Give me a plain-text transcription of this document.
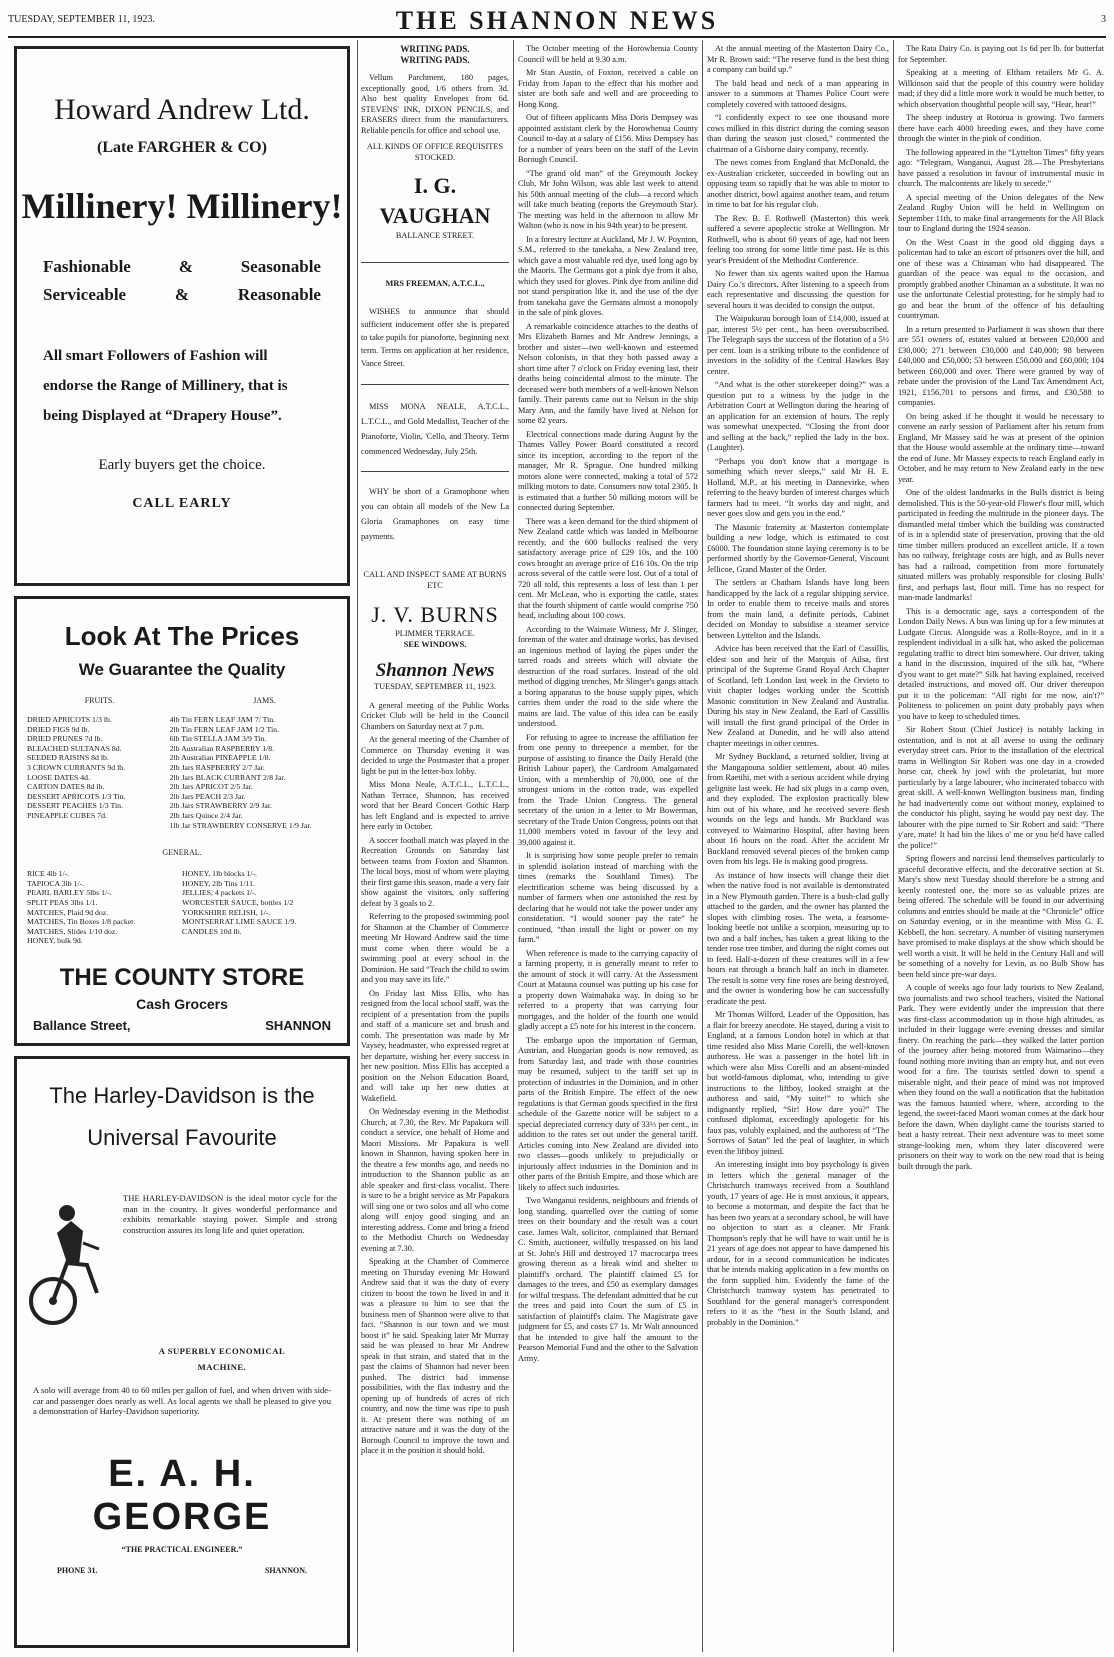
TUESDAY, SEPTEMBER 11, 1923.	THE SHANNON NEWS	3
Howard Andrew Ltd.
(Late FARGHER & CO)
Millinery! Millinery!
Fashionable	&	Seasonable
Serviceable	&	Reasonable
All smart Followers of Fashion will endorse the Range of Millinery, that is being Displayed at “Drapery House”.
Early buyers get the choice.
CALL EARLY
Look At The Prices
We Guarantee the Quality
FRUITS.	JAMS.
DRIED APRICOTS 1/3 lb.
DRIED FIGS 9d lb.
DRIED PRUNES 7d lb.
BLEACHED SULTANAS 8d.
SEEDED RAISINS 8d lb.
3 CROWN CURRANTS 9d lb.
LOOSE DATES 4d.
CARTON DATES 8d lb.
DESSERT APRICOTS 1/3 Tin.
DESSERT PEACHES 1/3 Tin.
PINEAPPLE CUBES 7d.
4lb Tin FERN LEAF JAM 7/ Tin.
2lb Tin FERN LEAF JAM 1/2 Tin.
6lb Tin STELLA JAM 3/9 Tin.
2lb Australian RASPBERRY 1/8.
2lb Australian PINEAPPLE 1/8.
2lb Jars RASPBERRY 2/7 Jar.
2lb Jars BLACK CURRANT 2/8 Jar.
2lb Jars APRICOT 2/5 Jar.
2lb Jars PEACH 2/3 Jar.
2lb Jars STRAWBERRY 2/9 Jar.
2lb Jars Quince 2/4 Jar.
1lb Jar STRAWBERRY CONSERVE 1/9 Jar.
GENERAL.
RICE 4lb 1/-.
TAPIOCA 3lb 1/-.
PEARL BARLEY 5lbs 1/-.
SPLIT PEAS 3lbs 1/1.
MATCHES, Plaid 9d doz.
MATCHES, Tin Boxes 1/8 packet.
MATCHES, Slides 1/10 doz.
HONEY, bulk 9d.
HONEY, 1lb blocks 1/-.
HONEY, 2lb Tins 1/11.
JELLIES, 4 packets 1/-.
WORCESTER SAUCE, bottles 1/2
YORKSHIRE RELISH, 1/-.
MONTSERRAT LIME SAUCE 1/9.
CANDLES 10d lb.
THE COUNTY STORE
Cash Grocers
Ballance Street,	SHANNON
The Harley-Davidson is the
Universal Favourite
THE HARLEY-DAVIDSON is the ideal motor cycle for the man in the country. It gives wonderful performance and exhibits remarkable staying power. Simple and strong construction assures its long life and quiet operation.
A SUPERBLY ECONOMICAL MACHINE.
A solo will average from 40 to 60 miles per gallon of fuel, and when driven with side-car and passenger does nearly as well. As local agents we shall be pleased to give you a demonstration of Harley-Davidson superiority.
E. A. H. GEORGE
“THE PRACTICAL ENGINEER.”
PHONE 31.	SHANNON.
WRITING PADS.
WRITING PADS.

Vellum Parchment, 180 pages, exceptionally good, 1/6 others from 3d. Also best quality Envelopes from 6d. STEVENS' INK, DIXON PENCILS, and ERASERS direct from the manufacturers. Reliable pencils for office and school use.

ALL KINDS OF OFFICE REQUISITES STOCKED.
I. G. VAUGHAN
BALLANCE STREET.
MRS FREEMAN, A.T.C.L.,

WISHES to announce that should sufficient inducement offer she is prepared to take pupils for pianoforte, beginning next term. Terms on application at her residence, Vance Street.

MISS MONA NEALE, A.T.C.L., L.T.C.L., and Gold Medallist, Teacher of the Pianoforte, Violin, 'Cello, and Theory. Term commenced Wednesday, July 25th.

WHY be short of a Gramophone when you can obtain all models of the New La Gloria Gramaphones on easy time payments.

CALL AND INSPECT SAME AT BURNS ETC
J. V. BURNS
PLIMMER TERRACE.
SEE WINDOWS.
Shannon News
TUESDAY, SEPTEMBER 11, 1923.

A general meeting of the Public Works Cricket Club will be held in the Council Chambers on Saturday next at 7 p.m.

At the general meeting of the Chamber of Commerce on Thursday evening it was decided to urge the Postmaster that a proper light be put in the letter-box lobby.

Miss Mona Neale, A.T.C.L., L.T.C.L., Nathan Terrace, Shannon, has received word that her Beard Concert Gothic Harp has left England and is expected to arrive here early in October.

A soccer football match was played in the Recreation Grounds on Saturday last between teams from Foxton and Shannon. The local boys, most of whom were playing their first game this season, made a very fair show against the visitors, only suffering defeat by 3 goals to 2.

Referring to the proposed swimming pool for Shannon at the Chamber of Commerce meeting Mr Howard Andrew said the time must come when there would be a swimming pool at every school in the Dominion. He said “Teach the child to swim and you may save its life.”

On Friday last Miss Ellis, who has resigned from the local school staff, was the recipient of a presentation from the pupils and staff of a manicure set and brush and comb. The presentation was made by Mr Vaysey, headmaster, who expressed regret at her departure, wishing her every success in her new position. Miss Ellis has accepted a position on the Nelson Education Board, and will take up her new duties at Wakefield.

On Wednesday evening in the Methodist Church, at 7.30, the Rev. Mr Papakura will conduct a service, one behalf of Home and Maori Missions. Mr Papakura is well known in Shannon, having spoken here in the theatre a few months ago, and needs no introduction to the Shannon public as an able speaker and first-class vocalist. There is sure to be a bright service as Mr Papakura will sing one or two solos and all who come along will enjoy good singing and an interesting address. Come and bring a friend to the Methodist Church on Wednesday evening at 7.30.

Speaking at the Chamber of Commerce meeting on Thursday evening Mr Howard Andrew said that it was the duty of every citizen to boost the town he lived in and it was a pleasure to him to see that the business men of Shannon were alive to that fact. “Shannon is our town and we must boost it” he said. Speaking later Mr Murray said he was pleased to hear Mr Andrew speak in that strain, and stated that in the past the claims of Shannon had never been pushed. The district had immense possibilities, with the flax industry and the opening up of hundreds of acres of rich country, and now the time was ripe to push it. At present there was nothing of an attractive nature and it was the duty of the Borough Council to improve the town and place it in the position it should hold.

The October meeting of the Horowhenua County Council will be held at 9.30 a.m.

Mr Stan Austin, of Foxton, received a cable on Friday from Japan to the effect that his mother and sister are both safe and well and are proceeding to Hong Kong.

Out of fifteen applicants Miss Doris Dempsey was appointed assistant clerk by the Horowhenua County Council to-day at a salary of £156. Miss Dempsey has for a number of years been on the staff of the Levin Borough Council.

“The grand old man” of the Greymouth Jockey Club, Mr John Wilson, was able last week to attend his 50th annual meeting of the club—a record which will take much beating (reports the Greymouth Star). The meeting was held in the afternoon to allow Mr Walton (who is now in his 94th year) to be present.

In a forestry lecture at Auckland, Mr J. W. Poynton, S.M., referred to the tanekaha, a New Zealand tree, which gave a most valuable red dye, used long ago by the Maoris. The Germans got a pink dye from it also, which they used for gloves. Pink dye from aniline did not stand perspiration like it, and the use of the dye from tanekaha gave the Germans almost a monopoly in the sale of pink gloves.

A remarkable coincidence attaches to the deaths of Mrs Elizabeth Barnes and Mr Andrew Jennings, a brother and sister—two well-known and esteemed Nelson colonists, in that they both passed away a short time after 7 o'clock on Friday evening last, their deaths being coincidental almost to the minute. The deceased were both members of a well-known Nelson family. Their parents came out to Nelson in the ship Mary Ann, and the family have lived at Nelson for some 82 years.

Electrical connections made during August by the Thames Valley Power Board constituted a record since its inception, according to the report of the manager, Mr R. Sprague. One hundred milking motors alone were connected, making a total of 572 milking motors to date. Consumers now total 2305. It is estimated that a further 50 milking motors will be connected during September.

There was a keen demand for the third shipment of New Zealand cattle which was landed in Melbourne recently, and the 600 bullocks realised the very satisfactory average price of £29 10s, and the 100 cows brought an average price of £16 10s. On the trip across several of the cattle were lost. Out of a total of 720 all told, this represents a loss of less than 1 per cent. Mr McLean, who is exporting the cattle, states that the fourth shipment of cattle would comprise 750 head, including about 100 cows.

According to the Waimate Witness, Mr J. Slinger, foreman of the water and drainage works, has devised an ingenious method of laying the pipes under the tarred roads and streets which will obviate the destruction of the road surfaces. Instead of the old method of digging trenches, Mr Slinger's gangs attach a boring apparatus to the house supply pipes, which carries them under the road to the side where the mains are laid. The value of this idea can be easily understood.

For refusing to agree to increase the affiliation fee from one penny to threepence a member, for the purpose of assisting to finance the Daily Herald (the British Labour paper), the Cardroom Amalgamated Union, with a membership of 70,000, one of the strongest unions in the cotton trade, was expelled from the Trade Union Congress. The general secretary of the union in a letter to Mr Bowerman, secretary of the Trade Union Congress, points out that 11,000 members voted in favour of the levy and 39,000 against it.

It is surprising how some people prefer to remain in splendid isolation instead of marching with the times (remarks the Southland Times). The electrification scheme was being discussed by a number of farmers when one astonished the rest by declaring that he would not take the power under any consideration. “I would sooner pay the rate” he continued, “than install the light or power on my farm.”

When reference is made to the carrying capacity of a farming property, it is generally meant to refer to the amount of stock it will carry. At the Assessment Court at Matauna counsel was putting up his case for a property down Waimahaka way. In doing so he referred to a property that was carrying four mortgages, and the holder of the fourth one would gladly accept a £5 note for his interest in the concern.

The embargo upon the importation of German, Austrian, and Hungarian goods is now removed, as from Saturday last, and trade with those countries may be resumed, subject to the tariff set up in protection of industries in the Dominion, and in other parts of the British Empire. The effect of the new regulations is that German goods specified in the first schedule of the Gazette notice will be subject to a special depreciated currency duty of 33⅓ per cent., in addition to the rates set out under the general tariff. Articles coming into New Zealand are divided into two classes—goods unlikely to prejudicially or injuriously affect industries in the Dominion and in other parts of the British Empire, and those which are likely to affect such industries.

Two Wanganui residents, neighbours and friends of long standing, quarrelled over the cutting of some trees on their boundary and the result was a court case. James Walt, solicitor, complained that Bernard C. Smith, auctioneer, wilfully trespassed on his land at St. John's Hill and destroyed 17 macrocarpa trees growing thereon as a break wind and shelter to plaintiff's orchard. The plaintiff claimed £5 for damages to the trees, and £50 as exemplary damages for wilful trespass. The defendant admitted that he cut the trees and paid into Court the sum of £5 in satisfaction of plaintiff's claim. The Magistrate gave judgment for £5, and costs £7 1s. Mr Walt announced that he intended to give half the amount to the Pearson Memorial Fund and the other to the Salvation Army.

At the annual meeting of the Masterton Dairy Co., Mr R. Brown said: “The reserve fund is the best thing a company can build up.”

The bald head and neck of a man appearing in answer to a summons at Thames Police Court were completely covered with tattooed designs.

“I confidently expect to see one thousand more cows milked in this district during the coming season than during the season just closed,” commented the chairman of a Gisborne dairy company, recently.

The news comes from England that McDonald, the ex-Australian cricketer, succeeded in bowling out an opposing team so rapidly that he was able to motor to another district, bowl against another team, and return in time to bat for his regular club.

The Rev. B. F. Rothwell (Masterton) this week suffered a severe apoplectic stroke at Wellington. Mr Rothwell, who is about 60 years of age, had not been feeling too strong for some little time past. He is this year's President of the Methodist Conference.

No fewer than six agents waited upon the Hamua Dairy Co.'s directors. After listening to a speech from each representative and discussing the question for several hours it was decided to consign the output.

The Waipukurau borough loan of £14,000, issued at par, interest 5½ per cent., has been oversubscribed. The Telegraph says the success of the flotation of a 5½ per cent. loan is a striking tribute to the confidence of investors in the solidity of the Central Hawkes Bay centre.

“And what is the other storekeeper doing?” was a question put to a witness by the judge in the Arbitration Court at Wellington during the hearing of an application for an extension of hours. The reply was somewhat unexpected. “Closing the front door and selling at the back,” replied the lady in the box. (Laughter).

“Perhaps you don't know that a mortgage is something which never sleeps,” said Mr H. E. Holland, M.P., at his meeting in Dannevirke, when referring to the heavy burden of interest charges which farmers had to meet. “It works day and night, and never goes slow and gets you in the end.”

The Masonic fraternity at Masterton contemplate building a new lodge, which is estimated to cost £6000. The foundation stone laying ceremony is to be performed shortly by the Governor-General, Viscount Jellicoe, Grand Master of the Order.

The settlers at Chatham Islands have long been handicapped by the lack of a regular shipping service. In order to enable them to receive mails and stores from the main land, a definite periods, Cabinet decided on Monday to subsidise a steamer service between Lyttelton and the Islands.

Advice has been received that the Earl of Cassillis, eldest son and heir of the Marquis of Ailsa, first principal of the Supreme Grand Royal Arch Chapter of Scotland, left London last week in the Orvieto to visit chapter lodges working under the Scottish Masonic constitution in New Zealand and Australia. During his stay in New Zealand, the Earl of Cassillis will install the first grand principal of the Order in New Zealand at Dunedin, and he will also attend chapter meetings in other centres.

Mr Sydney Buckland, a returned soldier, living at the Mangapouna soldier settlement, about 40 miles from Raetihi, met with a serious accident while drying gelignite last week. He had six plugs in a camp oven, and they exploded. The explosion practically blew him out of his whare, and he received severe flesh wounds on the legs and hands. Mr Buckland was conveyed to Waimarino Hospital, after having been about 16 hours on the road. After the accident Mr Buckland removed several pieces of the broken camp oven from his legs. He is making good progress.

As instance of how insects will change their diet when the native food is not available is demonstrated in a New Plymouth garden. There is a bush-clad gully attached to the garden, and the owner has planted the slopes with climbing roses. The weta, a fearsome-looking beetle not unlike a scorpion, measuring up to two and a half inches, has taken a great liking to the tender rose tree timber, and during the night comes out to feed. Half-a-dozen of these creatures will in a few hours eat through a branch half an inch in diameter. The result is some very fine roses are being destroyed, and the owner is wondering how he can successfully eradicate the pest.

Mr Thomas Wilford, Leader of the Opposition, has a flair for breezy anecdote. He stayed, during a visit to England, at a famous London hotel in which at that time resided also Miss Marie Corelli, the well-known authoress. He was a passenger in the hotel lift in which were also Miss Corelli and an absent-minded but world-famous diplomat, who, intending to give instructions to the liftboy, looked straight at the authoress and said, “My suite!” to which she indignantly replied, “Sir! How dare you?” The confused diplomat, exceedingly apologetic for his faux pas, volubly explained, and the authoress of “The Sorrows of Satan” led the peal of laughter, in which even the liftboy joined.

An interesting insight into boy psychology is given in letters which the general manager of the Christchurch tramways received from a Southland youth, 17 years of age. He is most anxious, it appears, to become a motorman, and despite the fact that he has been two years at a secondary school, he will have no objection to start as a cleaner. Mr Frank Thompson's reply that he will have to wait until he is 21 years of age does not appear to have dampened his ardour, for in a second communication he indicates that he intends making application in a few months on the form supplied him. Evidently the fame of the Christchurch tramway system has penetrated to Southland for the general manager's correspondent refers to it as the “best in the South Island, and probably in the Dominion.”

The Rata Dairy Co. is paying out 1s 6d per lb. for butterfat for September.

Speaking at a meeting of Eltham retailers Mr G. A. Wilkinson said that the people of this country were holiday mad; if they did a little more work it would be much better, to which observation thoughtful people will say, “Hear, hear!”

The sheep industry at Rotorua is growing. Two farmers there have each 4000 breeding ewes, and they have come through the winter in the pink of condition.

The following appeared in the “Lyttelton Times” fifty years ago: “Telegram, Wanganui, August 28.—The Presbyterians have passed a resolution in favour of instrumental music in church. The malcontents are likely to secede.”

A special meeting of the Union delegates of the New Zealand Rugby Union will be held in Wellington on September 11th, to make final arrangements for the All Black tour to England during the 1924 season.

On the West Coast in the good old digging days a policeman had to take an escort of prisoners over the hill, and one of these was a Chinaman who had disappeared. The guardian of the peace was equal to the occasion, and promptly grabbed another Chinaman as a substitute. It was no use the unfortunate Celestial protesting, for he simply had to go and bear the brunt of the offence of his defaulting countryman.

In a return presented to Parliament it was shown that there are 551 owners of, estates valued at between £20,000 and £30,000; 271 between £30,000 and £40,000; 98 between £40,000 and £50,000; 53 between £50,000 and £60,000; 104 between £60,000 and over. There were granted by way of rebate under the provision of the Land Tax Amendment Act, 1921, £156,701 to persons and firms, and £30,588 to companies.

On being asked if he thought it would be necessary to convene an early session of Parliament after his return from England, Mr Massey said he was at present of the opinion that the House would assemble at the ordinary time—toward the end of June. Mr Massey expects to reach England early in October, and he may return to New Zealand early in the new year.

One of the oldest landmarks in the Bulls district is being demolished. This is the 50-year-old Flower's flour mill, which participated in feeding the multitude in the pioneer days. The dismantled metal timber which the building was constructed of is in a splendid state of preservation, proving that the old time timber millers produced an excellent article. If a town has no railway, freightage costs are high, and as Bulls never has had a railroad, competition from more fortunately situated millers was probably responsible for closing Bulls' first, and perhaps last, flour mill. Time has no respect for man-made landmarks!

This is a democratic age, says a correspondent of the London Daily News. A bus was lining up for a few minutes at Ludgate Circus. Alongside was a Rolls-Royce, and in it a resplendent individual in a silk hat, who asked the policeman regulating traffic to direct him somewhere. Our driver, taking a hand in the discussion, inquired of the silk hat, “Where d'you want to get mate?” Silk hat having explained, received detailed instructions, and moved off. Our driver thereupon put it to the policeman: “All right for me now, ain't?” Politeness to policemen on point duty probably pays when you have to keep to scheduled times.

Sir Robert Stout (Chief Justice) is notably lacking in ostentation, and is not at all averse to using the ordinary everyday street cars. Prior to the installation of the electrical trams in Wellington Sir Robert was one day in a crowded horse car, cheek by jowl with the proletariat, but more particularly by a large labourer, who incinerated tobacco with great skill. A well-known Wellington business man, finding he had inadvertently come out without money, explained to the conductor his plight, saying he would pay next day. The labourer with the pipe turned to Sir Robert and said: “There y'are, mate! It had bin the likes o' me or you he'd have called the police!”

Spring flowers and narcissi lend themselves particularly to graceful decorative effects, and the decorative section at St. Mary's show next Tuesday should therefore be a strong and keenly contested one, the more so as valuable prizes are being offered. The schedule will be found in our advertising columns and entries should be made at the “Chronicle” office on Saturday evening, or in the meantime with Miss G. E. Kebbell, the hon. secretary. A number of visiting nurserymen have promised to make displays at the show which should be well worth a visit. It will be held in the Century Hall and will be something of a novelty for Levin, as no Bulb Show has been held since pre-war days.

A couple of weeks ago four lady tourists to New Zealand, two journalists and two school teachers, visited the National Park. They were evidently under the impression that there was first-class accommodation up in those high altitudes, as included in their luggage were evening dresses and similar finery. On reaching the park—they walked the latter portion of the journey after being motored from Waimarino—they found nothing more inviting than an empty hut, and not even wood for a fire. The tourists settled down to spend a miserable night, and their peace of mind was not improved when they found on the wall a notification that the habitation was the famous haunted where, where, according to the legend, the sweet-faced Maori woman comes at the dark hour before the dawn. When daylight came the tourists started to beat a hasty retreat. Their next adventure was to meet some strange-looking men, whom they later discovered were prisoners on their way to work on the new road that is being built through the park.
